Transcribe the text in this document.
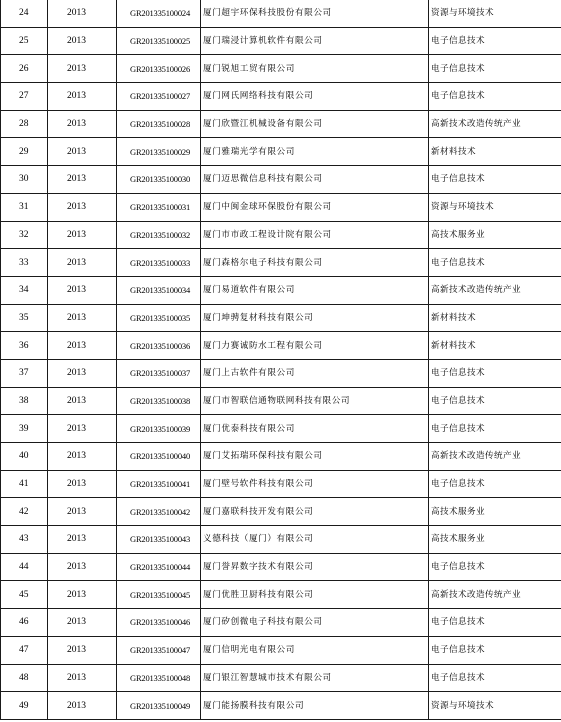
24	2013	GR201335100024	厦门超宇环保科技股份有限公司	资源与环境技术
25	2013	GR201335100025	厦门瑞浸计算机软件有限公司	电子信息技术
26	2013	GR201335100026	厦门锐旭工贸有限公司	电子信息技术
27	2013	GR201335100027	厦门网氏网络科技有限公司	电子信息技术
28	2013	GR201335100028	厦门欣暨江机械设备有限公司	高新技术改造传统产业
29	2013	GR201335100029	厦门雅瑞光学有限公司	新材料技术
30	2013	GR201335100030	厦门迈思微信息科技有限公司	电子信息技术
31	2013	GR201335100031	厦门中闽金球环保股份有限公司	资源与环境技术
32	2013	GR201335100032	厦门市市政工程设计院有限公司	高技术服务业
33	2013	GR201335100033	厦门森格尔电子科技有限公司	电子信息技术
34	2013	GR201335100034	厦门易道软件有限公司	高新技术改造传统产业
35	2013	GR201335100035	厦门坤骋复材科技有限公司	新材料技术
36	2013	GR201335100036	厦门力赛诚防水工程有限公司	新材料技术
37	2013	GR201335100037	厦门上古软件有限公司	电子信息技术
38	2013	GR201335100038	厦门市智联信通物联网科技有限公司	电子信息技术
39	2013	GR201335100039	厦门优泰科技有限公司	电子信息技术
40	2013	GR201335100040	厦门艾拓瑞环保科技有限公司	高新技术改造传统产业
41	2013	GR201335100041	厦门壁号软件科技有限公司	电子信息技术
42	2013	GR201335100042	厦门嘉联科技开发有限公司	高技术服务业
43	2013	GR201335100043	义德科技（厦门）有限公司	高技术服务业
44	2013	GR201335100044	厦门誉昇数字技术有限公司	电子信息技术
45	2013	GR201335100045	厦门优胜卫厨科技有限公司	高新技术改造传统产业
46	2013	GR201335100046	厦门矽创微电子科技有限公司	电子信息技术
47	2013	GR201335100047	厦门信明光电有限公司	电子信息技术
48	2013	GR201335100048	厦门银江智慧城市技术有限公司	电子信息技术
49	2013	GR201335100049	厦门能扬膜科技有限公司	资源与环境技术
